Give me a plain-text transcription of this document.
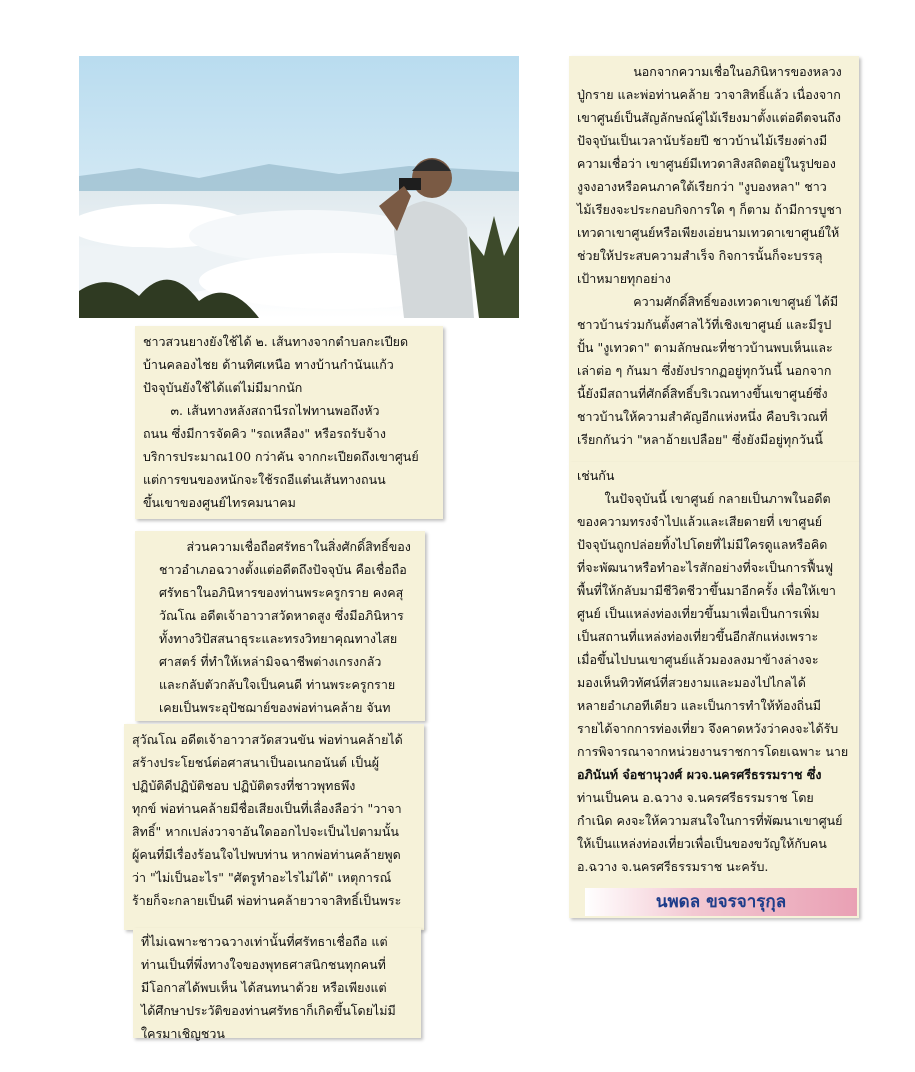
ชาวสวนยางยังใช้ได้ ๒. เส้นทางจากตำบลกะเปียด

บ้านคลองไชย ด้านทิศเหนือ ทางบ้านกำนันแก้ว

ปัจจุบันยังใช้ได้แต่ไม่มีมากนัก

๓. เส้นทางหลังสถานีรถไฟทานพอถึงหัว

ถนน ซึ่งมีการจัดคิว "รถเหลือง" หรือรถรับจ้าง

บริการประมาณ100 กว่าคัน จากกะเปียดถึงเขาศูนย์

แต่การขนของหนักจะใช้รถอีแต๋นเส้นทางถนน

ขึ้นเขาของศูนย์ไทรคมนาคม

ส่วนความเชื่อถือศรัทธาในสิ่งศักดิ์สิทธิ์ของ

ชาวอำเภอฉวางตั้งแต่อดีตถึงปัจจุบัน คือเชื่อถือ

ศรัทธาในอภินิหารของท่านพระครูกราย คงคสุ

วัณโณ อดีตเจ้าอาวาสวัดหาดสูง ซึ่งมีอภินิหาร

ทั้งทางวิปัสสนาธุระและทรงวิทยาคุณทางไสย

ศาสตร์ ที่ทำให้เหล่ามิจฉาชีพต่างเกรงกลัว

และกลับตัวกลับใจเป็นคนดี ท่านพระครูกราย

เคยเป็นพระอุปัชฌาย์ของพ่อท่านคล้าย จันท

สุวัณโณ อดีตเจ้าอาวาสวัดสวนขัน พ่อท่านคล้ายได้

สร้างประโยชน์ต่อศาสนาเป็นอเนกอนันต์ เป็นผู้

ปฏิบัติดีปฏิบัติชอบ ปฏิบัติตรงที่ชาวพุทธพึง

ทุกข์ พ่อท่านคล้ายมีชื่อเสียงเป็นที่เลื่องลือว่า "วาจา

สิทธิ์" หากเปล่งวาจาอันใดออกไปจะเป็นไปตามนั้น

ผู้คนที่มีเรื่องร้อนใจไปพบท่าน หากพ่อท่านคล้ายพูด

ว่า "ไม่เป็นอะไร" "ศัตรูทำอะไรไม่ได้" เหตุการณ์

ร้ายก็จะกลายเป็นดี พ่อท่านคล้ายวาจาสิทธิ์เป็นพระ

ที่ไม่เฉพาะชาวฉวางเท่านั้นที่ศรัทธาเชื่อถือ แต่

ท่านเป็นที่พึ่งทางใจของพุทธศาสนิกชนทุกคนที่

มีโอกาสได้พบเห็น ได้สนทนาด้วย หรือเพียงแต่

ได้ศึกษาประวัติของท่านศรัทธาก็เกิดขึ้นโดยไม่มี

ใครมาเชิญชวน

นอกจากความเชื่อในอภินิหารของหลวง

ปู่กราย และพ่อท่านคล้าย วาจาสิทธิ์แล้ว เนื่องจาก

เขาศูนย์เป็นสัญลักษณ์คู่ไม้เรียงมาตั้งแต่อดีตจนถึง

ปัจจุบันเป็นเวลานับร้อยปี ชาวบ้านไม้เรียงต่างมี

ความเชื่อว่า เขาศูนย์มีเทวดาสิงสถิตอยู่ในรูปของ

งูจงอางหรือคนภาคใต้เรียกว่า "งูบองหลา" ชาว

ไม้เรียงจะประกอบกิจการใด ๆ ก็ตาม ถ้ามีการบูชา

เทวดาเขาศูนย์หรือเพียงเอ่ยนามเทวดาเขาศูนย์ให้

ช่วยให้ประสบความสำเร็จ กิจการนั้นก็จะบรรลุ

เป้าหมายทุกอย่าง

ความศักดิ์สิทธิ์ของเทวดาเขาศูนย์ ได้มี

ชาวบ้านร่วมกันตั้งศาลไว้ที่เชิงเขาศูนย์ และมีรูป

ปั้น "งูเทวดา" ตามลักษณะที่ชาวบ้านพบเห็นและ

เล่าต่อ ๆ กันมา ซึ่งยังปรากฏอยู่ทุกวันนี้ นอกจาก

นี้ยังมีสถานที่ศักดิ์สิทธิ์บริเวณทางขึ้นเขาศูนย์ซึ่ง

ชาวบ้านให้ความสำคัญอีกแห่งหนึ่ง คือบริเวณที่

เรียกกันว่า "หลาอ้ายเปลือย" ซึ่งยังมีอยู่ทุกวันนี้

เช่นกัน

ในปัจจุบันนี้ เขาศูนย์ กลายเป็นภาพในอดีต

ของความทรงจำไปแล้วและเสียดายที่ เขาศูนย์

ปัจจุบันถูกปล่อยทิ้งไปโดยที่ไม่มีใครดูแลหรือคิด

ที่จะพัฒนาหรือทำอะไรสักอย่างที่จะเป็นการฟื้นฟู

พื้นที่ให้กลับมามีชีวิตชีวาขึ้นมาอีกครั้ง เพื่อให้เขา

ศูนย์ เป็นแหล่งท่องเที่ยวขึ้นมาเพื่อเป็นการเพิ่ม

เป็นสถานที่แหล่งท่องเที่ยวขึ้นอีกสักแห่งเพราะ

เมื่อขึ้นไปบนเขาศูนย์แล้วมองลงมาข้างล่างจะ

มองเห็นทิวทัศน์ที่สวยงามและมองไปไกลได้

หลายอำเภอทีเดียว และเป็นการทำให้ท้องถิ่นมี

รายได้จากการท่องเที่ยว จึงคาดหวังว่าคงจะได้รับ

การพิจารณาจากหน่วยงานราชการโดยเฉพาะ นาย

อภินันท์ จ๋อชานุวงศ์ ผวจ.นครศรีธรรมราช ซึ่ง

ท่านเป็นคน อ.ฉวาง จ.นครศรีธรรมราช โดย

กำเนิด คงจะให้ความสนใจในการที่พัฒนาเขาศูนย์

ให้เป็นแหล่งท่องเที่ยวเพื่อเป็นของขวัญให้กับคน

อ.ฉวาง จ.นครศรีธรรมราช นะครับ.

นพดล ขจรจารุกุล
